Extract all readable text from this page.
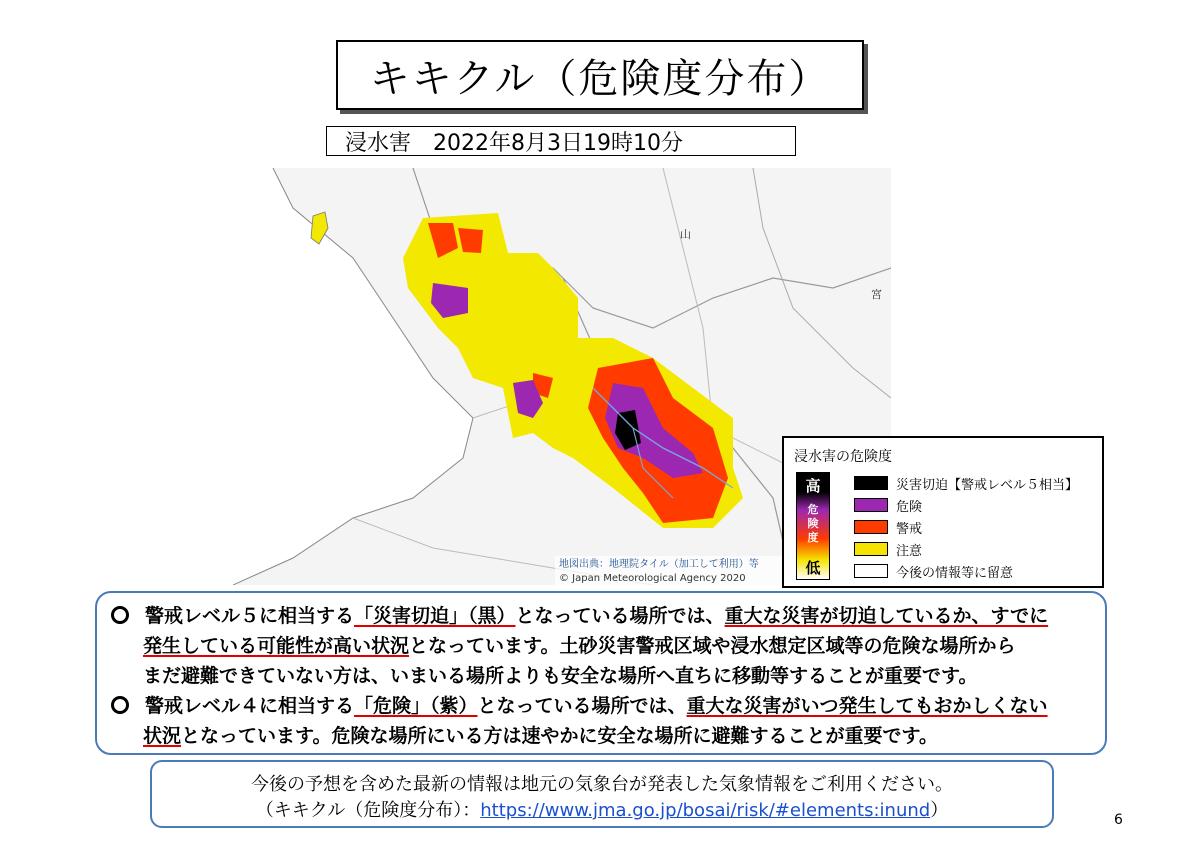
キキクル（危険度分布）
浸水害 2022年8月3日19時10分
山
宮
地図出典：地理院タイル（加工して利用）等
© Japan Meteorological Agency 2020
浸水害の危険度
高
危険度
低
災害切迫【警戒レベル５相当】
危険
警戒
注意
今後の情報等に留意
警戒レベル５に相当する「災害切迫」（黒）となっている場所では、重大な災害が切迫しているか、すでに
発生している可能性が高い状況となっています。土砂災害警戒区域や浸水想定区域等の危険な場所から
まだ避難できていない方は、いまいる場所よりも安全な場所へ直ちに移動等することが重要です。
警戒レベル４に相当する「危険」（紫）となっている場所では、重大な災害がいつ発生してもおかしくない
状況となっています。危険な場所にいる方は速やかに安全な場所に避難することが重要です。
今後の予想を含めた最新の情報は地元の気象台が発表した気象情報をご利用ください。
（キキクル（危険度分布）：https://www.jma.go.jp/bosai/risk/#elements:inund）	6
